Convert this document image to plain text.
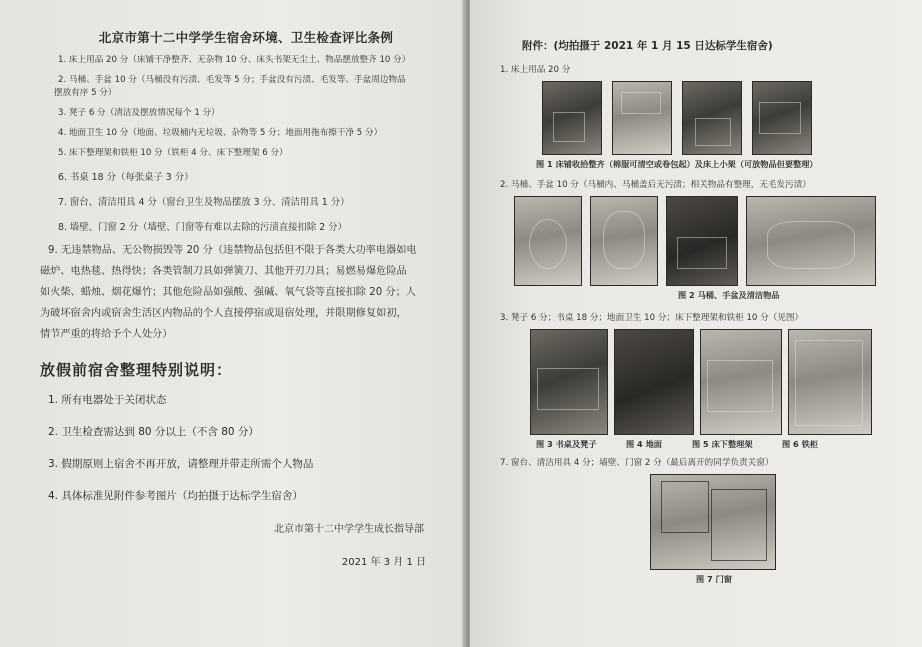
北京市第十二中学学生宿舍环境、卫生检查评比条例
1. 床上用品 20 分（床铺干净整齐、无杂物 10 分、床头书架无尘土、物品摆放整齐 10 分）
2. 马桶、手盆 10 分（马桶没有污渍、毛发等 5 分；手盆没有污渍、毛发等、手盆周边物品
摆放有序 5 分）
3. 凳子 6 分（清洁及摆放情况每个 1 分）
4. 地面卫生 10 分（地面、垃圾桶内无垃圾、杂物等 5 分；地面用拖布擦干净 5 分）
5. 床下整理架和铁柜 10 分（铁柜 4 分、床下整理架 6 分）
6. 书桌 18 分（每张桌子 3 分）
7. 窗台、清洁用具 4 分（窗台卫生及物品摆放 3 分、清洁用具 1 分）
8. 墙壁、门窗 2 分（墙壁、门窗等有难以去除的污渍直接扣除 2 分）
9. 无违禁物品、无公物损毁等 20 分（违禁物品包括但不限于各类大功率电器如电
磁炉、电热毯、热得快；各类管制刀具如弹簧刀、其他开刃刀具；易燃易爆危险品
如火柴、蜡烛、烟花爆竹；其他危险品如强酸、强碱、氧气袋等直接扣除 20 分；人
为破坏宿舍内或宿舍生活区内物品的个人直接停宿或退宿处理，并限期修复如初，
情节严重的将给予个人处分）
放假前宿舍整理特别说明：
1. 所有电器处于关闭状态
2. 卫生检查需达到 80 分以上（不含 80 分）
3. 假期原则上宿舍不再开放，请整理并带走所需个人物品
4. 具体标准见附件参考图片（均拍摄于达标学生宿舍）
北京市第十二中学学生成长指导部
2021 年 3 月 1 日
附件：(均拍摄于 2021 年 1 月 15 日达标学生宿舍)
1. 床上用品 20 分
图 1 床铺收拾整齐（棉服可清空或卷包起）及床上小架（可放物品但要整理）
2. 马桶、手盆 10 分（马桶内、马桶盖后无污渍；相关物品有整理，无毛发污渍）
图 2 马桶、手盆及清洁物品
3. 凳子 6 分；书桌 18 分；地面卫生 10 分；床下整理架和铁柜 10 分（见图）
图 3 书桌及凳子	图 4 地面	图 5 床下整理架	图 6 铁柜
7. 窗台、清洁用具 4 分；墙壁、门窗 2 分（最后离开的同学负责关窗）
图 7 门窗
